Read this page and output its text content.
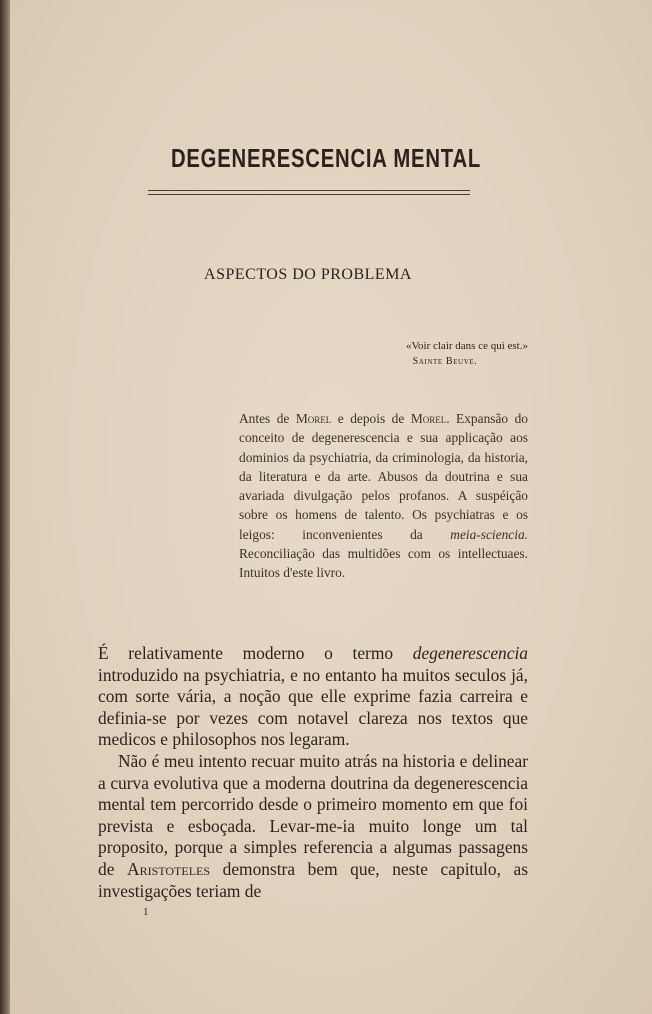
DEGENERESCENCIA MENTAL
ASPECTOS DO PROBLEMA
«Voir clair dans ce qui est.»
Sainte Beuve.
Antes de Morel e depois de Morel. Expansão do conceito de degenerescencia e sua applicação aos dominios da psychiatria, da criminologia, da historia, da literatura e da arte. Abusos da doutrina e sua avariada divulgação pelos profanos. A suspéição sobre os homens de talento. Os psychiatras e os leigos: inconvenientes da meia-sciencia. Reconciliação das multidões com os intellectuaes. Intuitos d'este livro.

É relativamente moderno o termo degenerescencia introduzido na psychiatria, e no entanto ha muitos seculos já, com sorte vária, a noção que elle exprime fazia carreira e definia-se por vezes com notavel clareza nos textos que medicos e philosophos nos legaram.

Não é meu intento recuar muito atrás na historia e delinear a curva evolutiva que a moderna doutrina da degenerescencia mental tem percorrido desde o primeiro momento em que foi prevista e esboçada. Levar-me-ia muito longe um tal proposito, porque a simples referencia a algumas passagens de Aristoteles demonstra bem que, neste capitulo, as investigações teriam de

1
